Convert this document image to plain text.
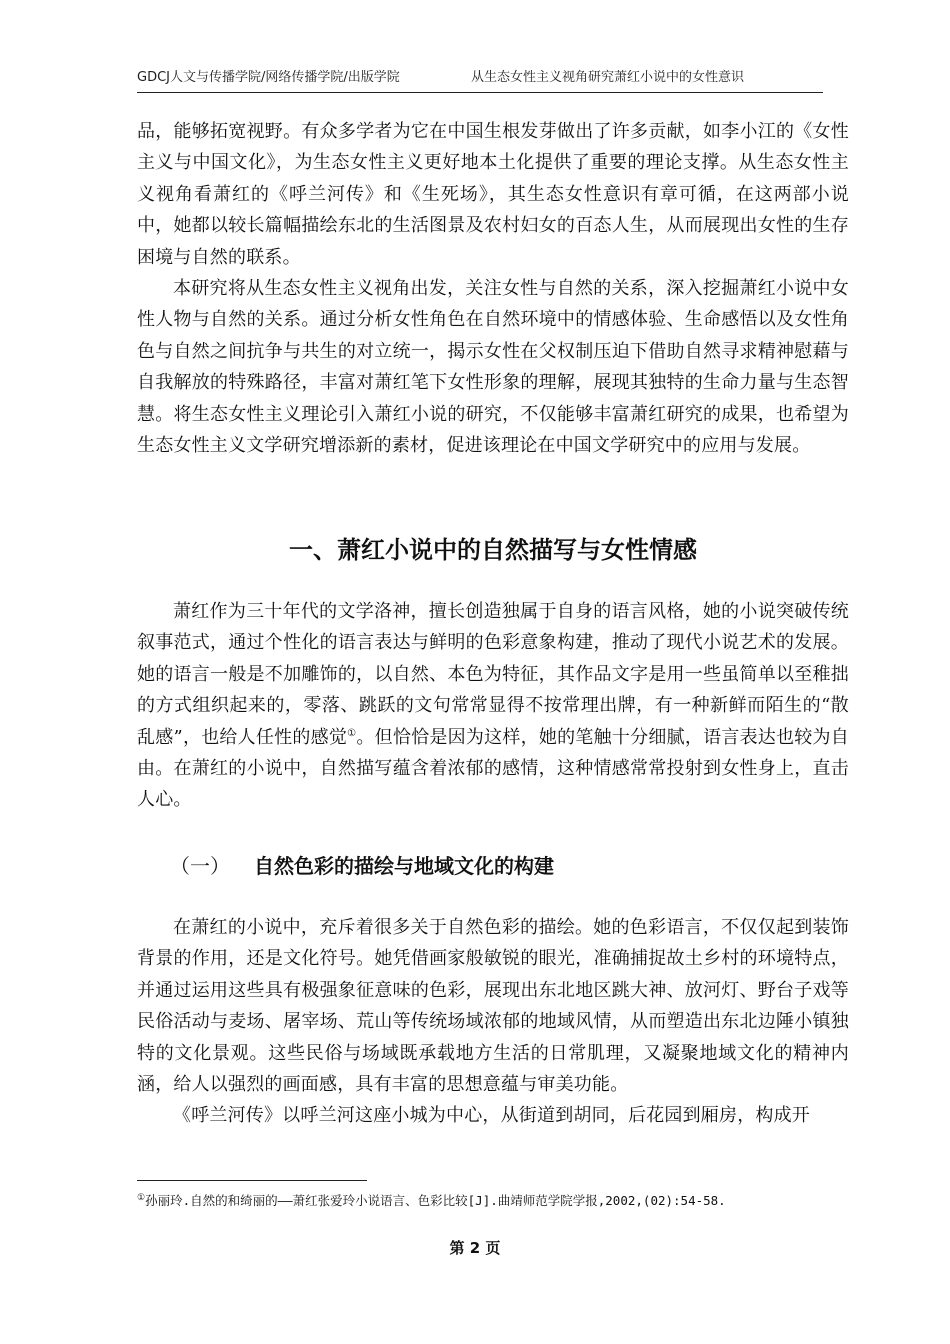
GDCJ人文与传播学院/网络传播学院/出版学院	从生态女性主义视角研究萧红小说中的女性意识

品，能够拓宽视野。有众多学者为它在中国生根发芽做出了许多贡献，如李小江的《女性主义与中国文化》，为生态女性主义更好地本土化提供了重要的理论支撑。从生态女性主义视角看萧红的《呼兰河传》和《生死场》，其生态女性意识有章可循，在这两部小说中，她都以较长篇幅描绘东北的生活图景及农村妇女的百态人生，从而展现出女性的生存困境与自然的联系。

本研究将从生态女性主义视角出发，关注女性与自然的关系，深入挖掘萧红小说中女性人物与自然的关系。通过分析女性角色在自然环境中的情感体验、生命感悟以及女性角色与自然之间抗争与共生的对立统一，揭示女性在父权制压迫下借助自然寻求精神慰藉与自我解放的特殊路径，丰富对萧红笔下女性形象的理解，展现其独特的生命力量与生态智慧。将生态女性主义理论引入萧红小说的研究，不仅能够丰富萧红研究的成果，也希望为生态女性主义文学研究增添新的素材，促进该理论在中国文学研究中的应用与发展。

一、萧红小说中的自然描写与女性情感

萧红作为三十年代的文学洛神，擅长创造独属于自身的语言风格，她的小说突破传统叙事范式，通过个性化的语言表达与鲜明的色彩意象构建，推动了现代小说艺术的发展。她的语言一般是不加雕饰的，以自然、本色为特征，其作品文字是用一些虽简单以至稚拙的方式组织起来的，零落、跳跃的文句常常显得不按常理出牌，有一种新鲜而陌生的“散乱感”，也给人任性的感觉①。但恰恰是因为这样，她的笔触十分细腻，语言表达也较为自由。在萧红的小说中，自然描写蕴含着浓郁的感情，这种情感常常投射到女性身上，直击人心。

（一） 自然色彩的描绘与地域文化的构建

在萧红的小说中，充斥着很多关于自然色彩的描绘。她的色彩语言，不仅仅起到装饰背景的作用，还是文化符号。她凭借画家般敏锐的眼光，准确捕捉故土乡村的环境特点，并通过运用这些具有极强象征意味的色彩，展现出东北地区跳大神、放河灯、野台子戏等民俗活动与麦场、屠宰场、荒山等传统场域浓郁的地域风情，从而塑造出东北边陲小镇独特的文化景观。这些民俗与场域既承载地方生活的日常肌理，又凝聚地域文化的精神内涵，给人以强烈的画面感，具有丰富的思想意蕴与审美功能。

《呼兰河传》以呼兰河这座小城为中心，从街道到胡同，后花园到厢房，构成开

①孙丽玲.自然的和绮丽的——萧红张爱玲小说语言、色彩比较[J].曲靖师范学院学报,2002,(02):54-58.

第 2 页
